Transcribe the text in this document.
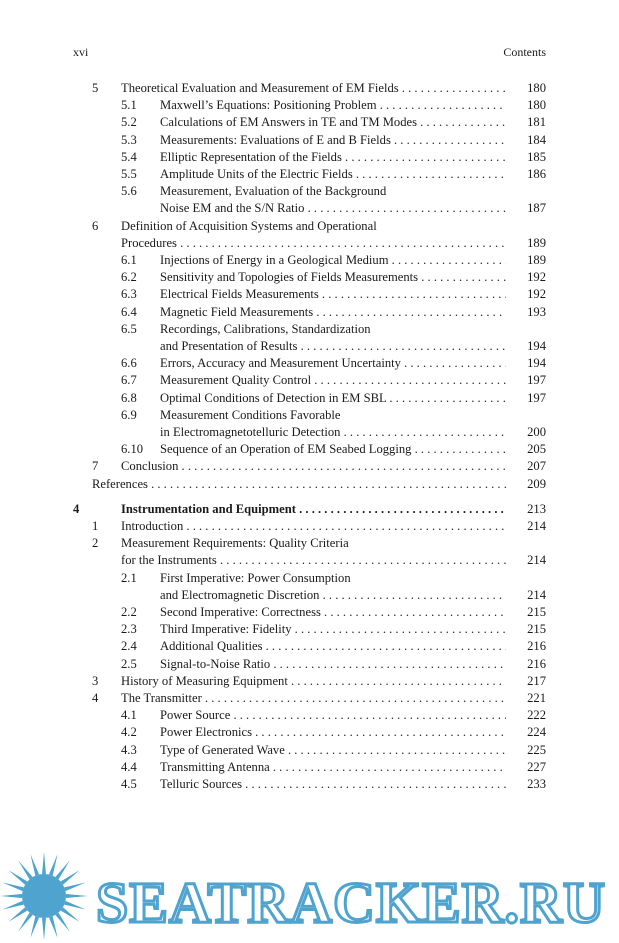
xvi	Contents
5 Theoretical Evaluation and Measurement of EM Fields . . .	180
5.1 Maxwell’s Equations: Positioning Problem . . .	180
5.2 Calculations of EM Answers in TE and TM Modes . . .	181
5.3 Measurements: Evaluations of E and B Fields . . .	184
5.4 Elliptic Representation of the Fields . . .	185
5.5 Amplitude Units of the Electric Fields . . .	186
5.6 Measurement, Evaluation of the Background
Noise EM and the S/N Ratio . . .	187
6 Definition of Acquisition Systems and Operational
Procedures . . .	189
6.1 Injections of Energy in a Geological Medium . . .	189
6.2 Sensitivity and Topologies of Fields Measurements . . .	192
6.3 Electrical Fields Measurements . . .	192
6.4 Magnetic Field Measurements . . .	193
6.5 Recordings, Calibrations, Standardization
and Presentation of Results . . .	194
6.6 Errors, Accuracy and Measurement Uncertainty . . .	194
6.7 Measurement Quality Control . . .	197
6.8 Optimal Conditions of Detection in EM SBL . . .	197
6.9 Measurement Conditions Favorable
in Electromagnetotelluric Detection . . .	200
6.10 Sequence of an Operation of EM Seabed Logging . . .	205
7 Conclusion . . .	207
References . . .	209
4	Instrumentation and Equipment . . .	213
1 Introduction . . .	214
2 Measurement Requirements: Quality Criteria
for the Instruments . . .	214
2.1 First Imperative: Power Consumption
and Electromagnetic Discretion . . .	214
2.2 Second Imperative: Correctness . . .	215
2.3 Third Imperative: Fidelity . . .	215
2.4 Additional Qualities . . .	216
2.5 Signal-to-Noise Ratio . . .	216
3 History of Measuring Equipment . . .	217
4 The Transmitter . . .	221
4.1 Power Source . . .	222
4.2 Power Electronics . . .	224
4.3 Type of Generated Wave . . .	225
4.4 Transmitting Antenna . . .	227
4.5 Telluric Sources . . .	233
SEATRACKER.RU
